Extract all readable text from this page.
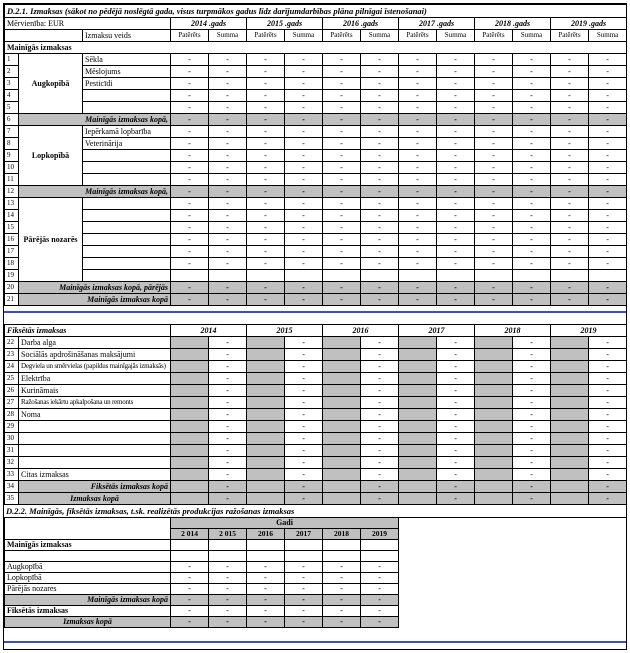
D.2.1. Izmaksas (sākot no pēdējā noslēgtā gada, visus turpmākos gadus līdz darījumdarbības plāna pilnīgai īstenošanai)														
Mērvienība: EUR			2014 .gads		2015 .gads		2016 .gads		2017 .gads		2018 .gads		2019 .gads	
		Izmaksu veids	Patērēts	Summa	Patērēts	Summa	Patērēts	Summa	Patērēts	Summa	Patērēts	Summa	Patērēts	Summa
Mainīgās izmaksas														
1	Augkopībā	Sēkla	-	-	-	-	-	-	-	-	-	-	-	-
2		Mēslojums	-	-	-	-	-	-	-	-	-	-	-	-
3		Pesticīdi	-	-	-	-	-	-	-	-	-	-	-	-
4			-	-	-	-	-	-	-	-	-	-	-	-
5			-	-	-	-	-	-	-	-	-	-	-	-
6	Mainīgās izmaksas kopā,		-	-	-	-	-	-	-	-	-	-	-	-
7	Lopkopībā	Iepērkamā lopbarība	-	-	-	-	-	-	-	-	-	-	-	-
8		Veterinārija	-	-	-	-	-	-	-	-	-	-	-	-
9			-	-	-	-	-	-	-	-	-	-	-	-
10			-	-	-	-	-	-	-	-	-	-	-	-
11			-	-	-	-	-	-	-	-	-	-	-	-
12	Mainīgās izmaksas kopā,		-	-	-	-	-	-	-	-	-	-	-	-
13	Pārējās nozarēs		-	-	-	-	-	-	-	-	-	-	-	-
14			-	-	-	-	-	-	-	-	-	-	-	-
15			-	-	-	-	-	-	-	-	-	-	-	-
16			-	-	-	-	-	-	-	-	-	-	-	-
17			-	-	-	-	-	-	-	-	-	-	-	-
18			-	-	-	-	-	-	-	-	-	-	-	-
19														
20	Mainīgās izmaksas kopā, pārējās		-	-	-	-	-	-	-	-	-	-	-	-
21	Mainīgās izmaksas kopā		-	-	-	-	-	-	-	-	-	-	-	-
Fiksētās izmaksas		2014		2015		2016		2017		2018		2019	
22	Darba alga		-		-		-		-		-		-
23	Sociālās apdrošināšanas maksājumi		-		-		-		-		-		-
24	Degviela un smērvielas (papildus mainīgajās izmaksās)		-		-		-		-		-		-
25	Elektrība		-		-		-		-		-		-
26	Kurināmais		-		-		-		-		-		-
27	Ražošanas iekārtu apkalpošana un remonts		-		-		-		-		-		-
28	Noma		-		-		-		-		-		-
29			-		-		-		-		-		-
30			-		-		-		-		-		-
31			-		-		-		-		-		-
32			-		-		-		-		-		-
33	Citas izmaksas		-		-		-		-		-		-
34	Fiksētās izmaksas kopā		-		-		-		-		-		-
35	Izmaksas kopā		-		-		-		-		-		-
D.2.2. Mainīgās, fiksētās izmaksas, t.sk. realizētās produkcijas ražošanas izmaksas
	Gadi					
	2 014	2 015	2016	2017	2018	2019
Mainīgās izmaksas						

Augkopībā	-	-	-	-	-	-
Lopkopībā	-	-	-	-	-	-
Pārējās nozares	-	-	-	-	-	-
Mainīgās izmaksas kopā	-	-	-	-	-	-
Fiksētās izmaksas	-	-	-	-	-	-
Izmaksas kopā	-	-	-	-	-	-
